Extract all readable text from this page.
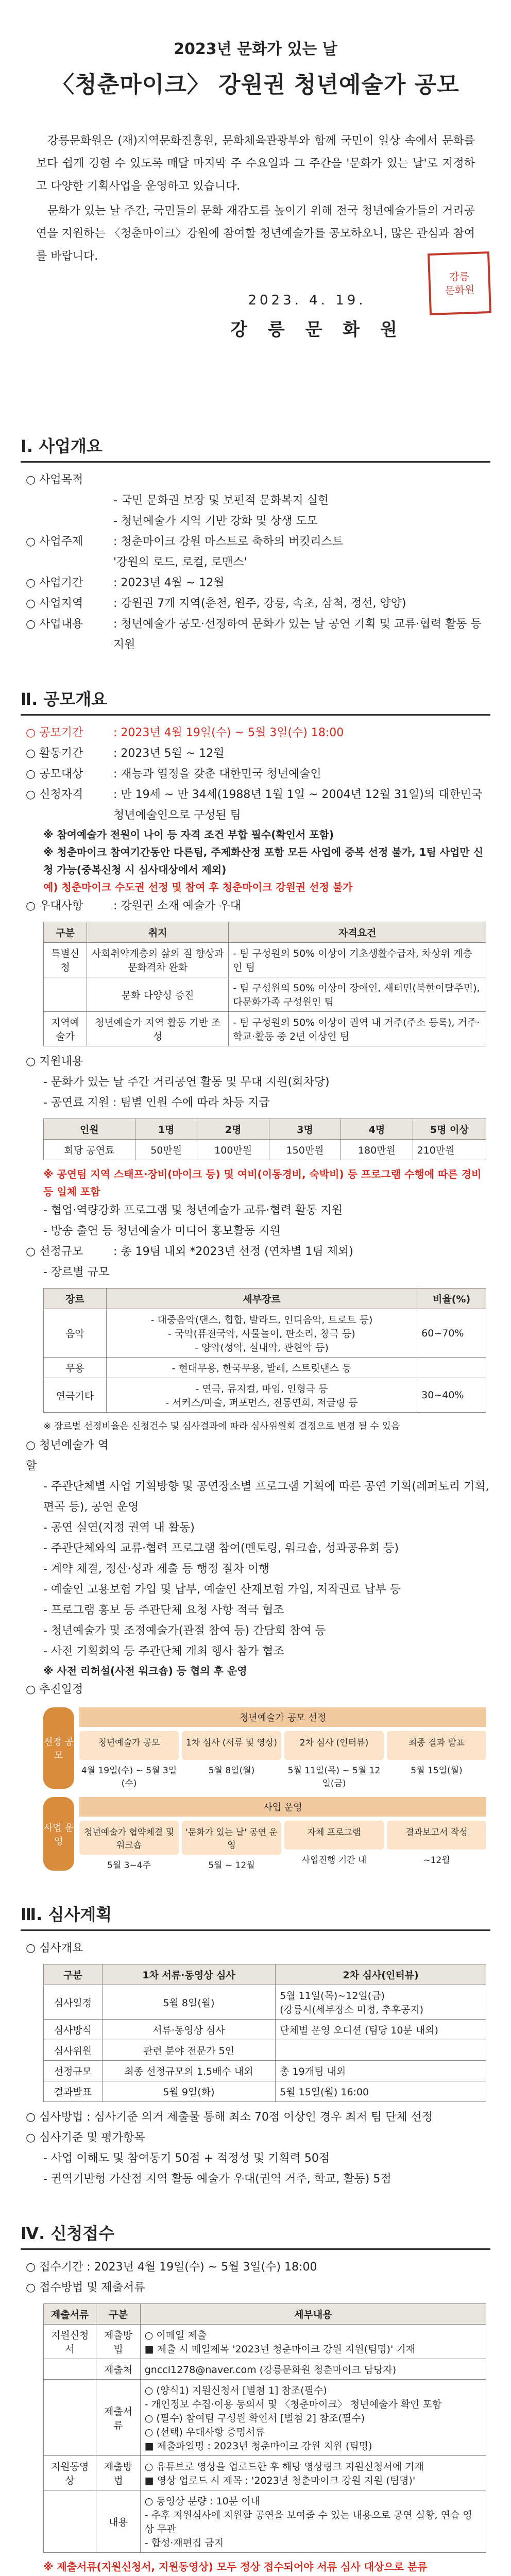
2023년 문화가 있는 날
〈청춘마이크〉 강원권 청년예술가 공모

강릉문화원은 (재)지역문화진흥원, 문화체육관광부와 함께 국민이 일상 속에서 문화를 보다 쉽게 경험 수 있도록 매달 마지막 주 수요일과 그 주간을 '문화가 있는 날'로 지정하고 다양한 기획사업을 운영하고 있습니다.

문화가 있는 날 주간, 국민들의 문화 재감도를 높이기 위해 전국 청년예술가들의 거리공연을 지원하는 〈청춘마이크〉강원에 참여할 청년예술가를 공모하오니, 많은 관심과 참여를 바랍니다.

2023. 4. 19.
강 릉 문 화 원
강릉
문화원
Ⅰ. 사업개요
○ 사업목적
- 국민 문화권 보장 및 보편적 문화복지 실현
- 청년예술가 지역 기반 강화 및 상생 도모
○ 사업주제	: 청춘마이크 강원 마스트로 축하의 버킷리스트
'강원의 로드, 로컬, 로맨스'
○ 사업기간	: 2023년 4월 ~ 12월
○ 사업지역	: 강원권 7개 지역(춘천, 원주, 강릉, 속초, 삼척, 정선, 양양)
○ 사업내용	: 청년예술가 공모·선정하여 문화가 있는 날 공연 기획 및 교류·협력 활동 등 지원
Ⅱ. 공모개요
○ 공모기간	: 2023년 4월 19일(수) ~ 5월 3일(수) 18:00
○ 활동기간	: 2023년 5월 ~ 12월
○ 공모대상	: 재능과 열정을 갖춘 대한민국 청년예술인
○ 신청자격	: 만 19세 ~ 만 34세(1988년 1월 1일 ~ 2004년 12월 31일)의 대한민국 청년예술인으로 구성된 팀
※ 참여예술가 전원이 나이 등 자격 조건 부합 필수(확인서 포함)
※ 청춘마이크 참여기간동안 다른팀, 주제화산정 포함 모든 사업에 중복 선정 불가, 1팀 사업만 신청 가능(중복신청 시 심사대상에서 제외)
예) 청춘마이크 수도권 선정 및 참여 후 청춘마이크 강원권 선정 불가
○ 우대사항	: 강원권 소재 예술가 우대
구분	취지	자격요건
특별신청	사회취약계층의 삶의 질 향상과 문화격차 완화	- 팀 구성원의 50% 이상이 기초생활수급자, 차상위 계층인 팀
	문화 다양성 증진	- 팀 구성원의 50% 이상이 장애인, 새터민(북한이탈주민), 다문화가족 구성원인 팀
지역예술가	청년예술가 지역 활동 기반 조성	- 팀 구성원의 50% 이상이 권역 내 거주(주소 등록), 거주·학교·활동 중 2년 이상인 팀
○ 지원내용
- 문화가 있는 날 주간 거리공연 활동 및 무대 지원(회차당)
- 공연료 지원 : 팀별 인원 수에 따라 차등 지급
인원	1명	2명	3명	4명	5명 이상
회당 공연료	50만원	100만원	150만원	180만원	210만원
※ 공연팀 지역 스태프·장비(마이크 등) 및 여비(이동경비, 숙박비) 등 프로그램 수행에 따른 경비 등 일체 포함
- 협업·역량강화 프로그램 및 청년예술가 교류·협력 활동 지원
- 방송 출연 등 청년예술가 미디어 홍보활동 지원
○ 선정규모	: 총 19팀 내외 *2023년 선정 (연차별 1팀 제외)
- 장르별 규모
장르	세부장르	비율(%)
음악	- 대중음악(댄스, 힙합, 발라드, 인디음악, 트로트 등)
- 국악(퓨전국악, 사물놀이, 판소리, 창극 등)
- 양악(성악, 실내악, 관현악 등)	60~70%
무용	- 현대무용, 한국무용, 발레, 스트릿댄스 등	
연극기타	- 연극, 뮤지컬, 마임, 인형극 등
- 서커스/마술, 퍼포먼스, 전통연희, 저글링 등	30~40%
※ 장르별 선정비율은 신청건수 및 심사결과에 따라 심사위원회 결정으로 변경 될 수 있음
○ 청년예술가 역할
- 주관단체별 사업 기획방향 및 공연장소별 프로그램 기획에 따른 공연 기획(레퍼토리 기획, 편곡 등), 공연 운영
- 공연 실연(지정 권역 내 활동)
- 주관단체와의 교류·협력 프로그램 참여(멘토링, 워크숍, 성과공유회 등)
- 계약 체결, 정산·성과 제출 등 행정 절차 이행
- 예술인 고용보험 가입 및 납부, 예술인 산재보험 가입, 저작권료 납부 등
- 프로그램 홍보 등 주관단체 요청 사항 적극 협조
- 청년예술가 및 조정예술가(관절 참여 등) 간담회 참여 등
- 사전 기획회의 등 주관단체 개최 행사 참가 협조
※ 사전 리허설(사전 워크숍) 등 협의 후 운영
○ 추진일정
선정 공모
청년예술가 공모 선정
청년예술가 공모
4월 19일(수) ~ 5월 3일(수)
1차 심사 (서류 및 영상)
5월 8일(월)
2차 심사 (인터뷰)
5월 11일(목) ~ 5월 12일(금)
최종 결과 발표
5월 15일(월)
사업 운영
사업 운영
청년예술가 협약체결 및 워크숍
5월 3~4주
'문화가 있는 날' 공연 운영
5월 ~ 12월
자체 프로그램
사업진행 기간 내
결과보고서 작성
~12월
Ⅲ. 심사계획
○ 심사개요
구분	1차 서류·동영상 심사	2차 심사(인터뷰)
심사일정	5월 8일(월)	5월 11일(목)~12일(금)
(강릉시(세부장소 미정, 추후공지)
심사방식	서류·동영상 심사	단체별 운영 오디션 (팀당 10분 내외)
심사위원	관련 분야 전문가 5인	
선정규모	최종 선정규모의 1.5배수 내외	총 19개팀 내외
결과발표	5월 9일(화)	5월 15일(월) 16:00
○ 심사방법 : 심사기준 의거 제출물 통해 최소 70점 이상인 경우 최저 팀 단체 선정
○ 심사기준 및 평가항목
- 사업 이해도 및 참여동기 50점 + 적정성 및 기획력 50점
- 권역기반형 가산점 지역 활동 예술가 우대(권역 거주, 학교, 활동) 5점
Ⅳ. 신청접수
○ 접수기간 : 2023년 4월 19일(수) ~ 5월 3일(수) 18:00
○ 접수방법 및 제출서류
제출서류	구분	세부내용
지원신청서	제출방법	○ 이메일 제출
■ 제출 시 메일제목 '2023년 청춘마이크 강원 지원(팀명)' 기재
	제출처	gnccl1278@naver.com (강릉문화원 청춘마이크 담당자)
	제출서류	○ (양식1) 지원신청서 [별첨 1] 참조(필수)
- 개인정보 수집·이용 동의서 및 〈청춘마이크〉 청년예술가 확인 포함
○ (필수) 참여팀 구성원 확인서 [별첨 2] 참조(필수)
○ (선택) 우대사항 증명서류
■ 제출파일명 : 2023년 청춘마이크 강원 지원 (팀명)
지원동영상	제출방법	○ 유튜브로 영상을 업로드한 후 해당 영상링크 지원신청서에 기재
■ 영상 업로드 시 제목 : '2023년 청춘마이크 강원 지원 (팀명)'
	내용	○ 동영상 분량 : 10분 이내
- 추후 지원심사에 지원할 공연을 보여줄 수 있는 내용으로 공연 실황, 연습 영상 무관
- 합성·재편집 금지
※ 제출서류(지원신청서, 지원동영상) 모두 정상 접수되어야 서류 심사 대상으로 분류
